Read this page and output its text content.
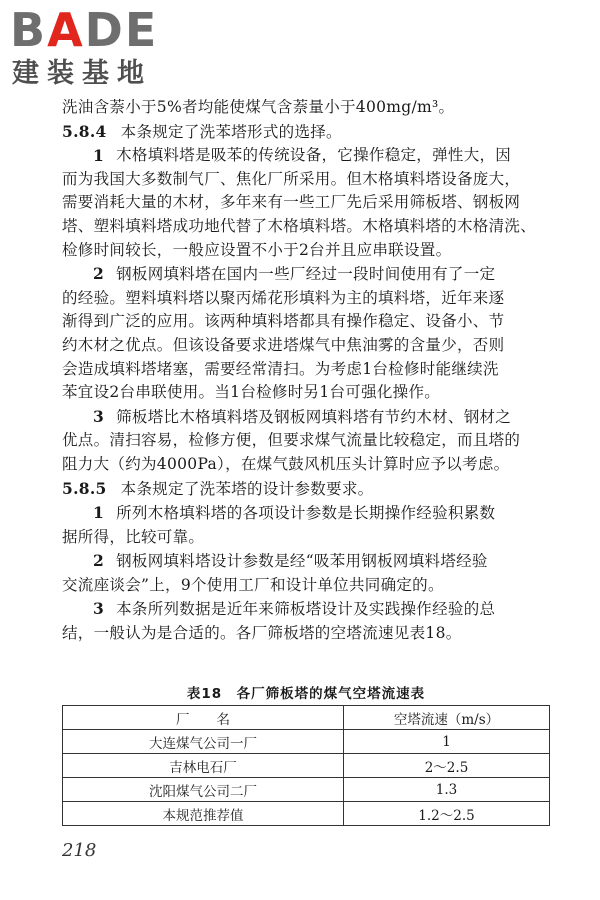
BADE
建装基地
洗油含萘小于5%者均能使煤气含萘量小于400mg/m³。
5.8.4 本条规定了洗苯塔形式的选择。
1 木格填料塔是吸苯的传统设备，它操作稳定，弹性大，因
而为我国大多数制气厂、焦化厂所采用。但木格填料塔设备庞大，
需要消耗大量的木材，多年来有一些工厂先后采用筛板塔、钢板网
塔、塑料填料塔成功地代替了木格填料塔。木格填料塔的木格清洗、
检修时间较长，一般应设置不小于2台并且应串联设置。
2 钢板网填料塔在国内一些厂经过一段时间使用有了一定
的经验。塑料填料塔以聚丙烯花形填料为主的填料塔，近年来逐
渐得到广泛的应用。该两种填料塔都具有操作稳定、设备小、节
约木材之优点。但该设备要求进塔煤气中焦油雾的含量少，否则
会造成填料塔堵塞，需要经常清扫。为考虑1台检修时能继续洗
苯宜设2台串联使用。当1台检修时另1台可强化操作。
3 筛板塔比木格填料塔及钢板网填料塔有节约木材、钢材之
优点。清扫容易，检修方便，但要求煤气流量比较稳定，而且塔的
阻力大（约为4000Pa），在煤气鼓风机压头计算时应予以考虑。
5.8.5 本条规定了洗苯塔的设计参数要求。
1 所列木格填料塔的各项设计参数是长期操作经验积累数
据所得，比较可靠。
2 钢板网填料塔设计参数是经“吸苯用钢板网填料塔经验
交流座谈会”上，9个使用工厂和设计单位共同确定的。
3 本条所列数据是近年来筛板塔设计及实践操作经验的总
结，一般认为是合适的。各厂筛板塔的空塔流速见表18。
表18　各厂筛板塔的煤气空塔流速表
厂　　名	空塔流速（m/s）
大连煤气公司一厂	1
吉林电石厂	2～2.5
沈阳煤气公司二厂	1.3
本规范推荐值	1.2～2.5
218
